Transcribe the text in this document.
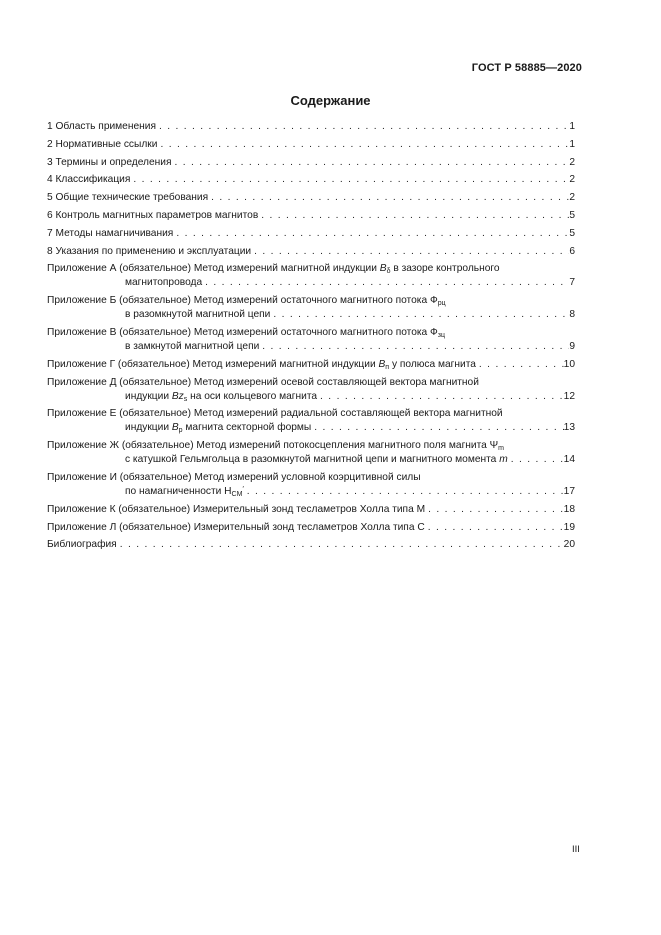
ГОСТ Р 58885—2020
Содержание
1 Область применения . . .	1
2 Нормативные ссылки . . .	1
3 Термины и определения . . .	2
4 Классификация . . .	2
5 Общие технические требования . . .	2
6 Контроль магнитных параметров магнитов . . .	5
7 Методы намагничивания . . .	5
8 Указания по применению и эксплуатации . . .	6
Приложение А (обязательное) Метод измерений магнитной индукции $B_\delta$ в зазоре контрольного
магнитопровода . . .	7
Приложение Б (обязательное) Метод измерений остаточного магнитного потока $Ф_{рц}$
в разомкнутой магнитной цепи . . .	8
Приложение В (обязательное) Метод измерений остаточного магнитного потока $Ф_{зц}$
в замкнутой магнитной цепи . . .	9
Приложение Г (обязательное) Метод измерений магнитной индукции $B_п$ у полюса магнита . . .	10
Приложение Д (обязательное) Метод измерений осевой составляющей вектора магнитной
индукции $Bz_s$ на оси кольцевого магнита . . .	12
Приложение Е (обязательное) Метод измерений радиальной составляющей вектора магнитной
индукции $B_p$ магнита секторной формы . . .	13
Приложение Ж (обязательное) Метод измерений потокосцепления магнитного поля магнита $\Psi_m$
с катушкой Гельмгольца в разомкнутой магнитной цепи и магнитного момента m . . .	14
Приложение И (обязательное) Метод измерений условной коэрцитивной силы
по намагниченности $H_{CM}'$ . . .	17
Приложение К (обязательное) Измерительный зонд тесламетров Холла типа М . . .	18
Приложение Л (обязательное) Измерительный зонд тесламетров Холла типа С . . .	19
Библиография . . .	20
III
